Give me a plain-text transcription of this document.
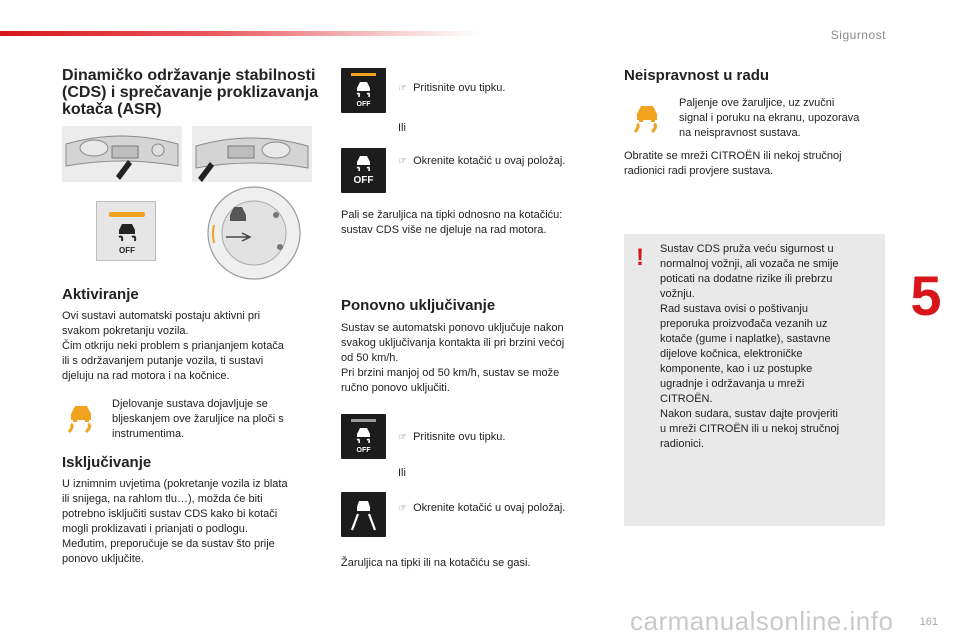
Sigurnost
5
Dinamičko održavanje stabilnosti
(CDS) i sprečavanje proklizavanja
kotača (ASR)
OFF
Aktiviranje
Ovi sustavi automatski postaju aktivni pri
svakom pokretanju vozila.
Čim otkriju neki problem s prianjanjem kotača
ili s održavanjem putanje vozila, ti sustavi
djeluju na rad motora i na kočnice.
Djelovanje sustava dojavljuje se
bljeskanjem ove žaruljice na ploči s
instrumentima.
Isključivanje
U iznimnim uvjetima (pokretanje vozila iz blata
ili snijega, na rahlom tlu…), možda će biti
potrebno isključiti sustav CDS kako bi kotači
mogli proklizavati i prianjati o podlogu.
Međutim, preporučuje se da sustav što prije
ponovo uključite.
OFF
☞ Pritisnite ovu tipku.
Ili
OFF
☞ Okrenite kotačić u ovaj položaj.
Pali se žaruljica na tipki odnosno na kotačiću:
sustav CDS više ne djeluje na rad motora.
Ponovno uključivanje
Sustav se automatski ponovo uključuje nakon
svakog uključivanja kontakta ili pri brzini većoj
od 50 km/h.
Pri brzini manjoj od 50 km/h, sustav se može
ručno ponovo uključiti.
OFF
☞ Pritisnite ovu tipku.
Ili
☞ Okrenite kotačić u ovaj položaj.
Žaruljica na tipki ili na kotačiću se gasi.
Neispravnost u radu
Paljenje ove žaruljice, uz zvučni
signal i poruku na ekranu, upozorava
na neispravnost sustava.
Obratite se mreži CITROËN ili nekoj stručnoj
radionici radi provjere sustava.
! Sustav CDS pruža veću sigurnost u
normalnoj vožnji, ali vozača ne smije
poticati na dodatne rizike ili prebrzu
vožnju.
Rad sustava ovisi o poštivanju
preporuka proizvođača vezanih uz
kotače (gume i naplatke), sastavne
dijelove kočnica, elektroničke
komponente, kao i uz postupke
ugradnje i održavanja u mreži
CITROËN.
Nakon sudara, sustav dajte provjeriti
u mreži CITROËN ili u nekoj stručnoj
radionici.
carmanualsonline.info 161
